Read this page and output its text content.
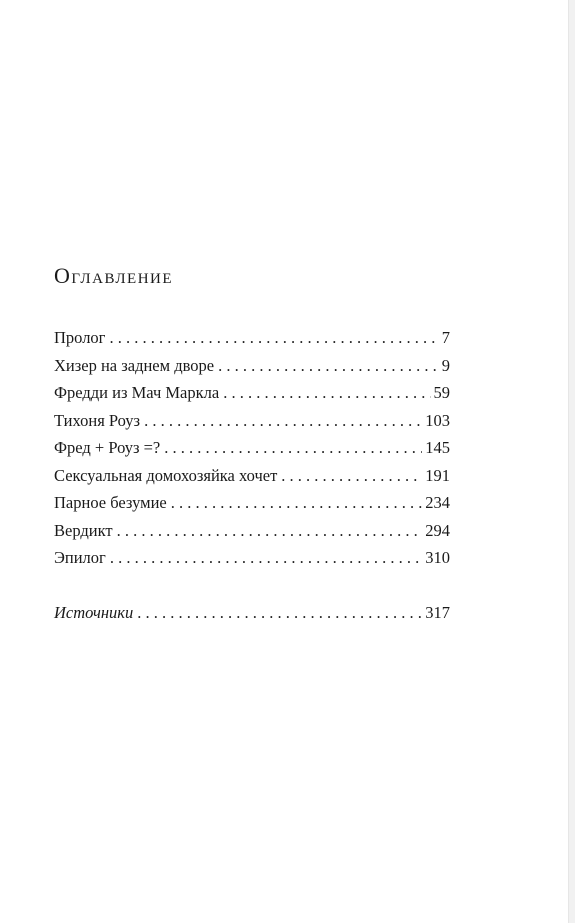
Оглавление
Пролог . . .	7
Хизер на заднем дворе . . .	9
Фредди из Мач Маркла . . .	59
Тихоня Роуз . . .	103
Фред + Роуз =? . . .	145
Сексуальная домохозяйка хочет . . .	191
Парное безумие . . .	234
Вердикт . . .	294
Эпилог . . .	310
Источники . . .	317
